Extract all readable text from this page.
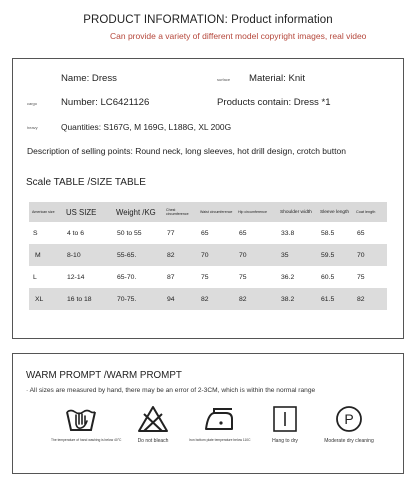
PRODUCT INFORMATION: Product information
Can provide a variety of different model copyright images, real video
Name: Dress	surface Material: Knit
cargo Number: LC6421126	Products contain: Dress *1
heavy	Quantities: S167G, M 169G, L188G, XL 200G
Description of selling points: Round neck, long sleeves, hot drill design, crotch button
Scale TABLE /SIZE TABLE
American size	US SIZE	Weight /KG	Chest circumference	Waist circumference	Hip circumference	Shoulder width	Sleeve length	Coat length
S	4 to 6	50 to 55	77	65	65	33.8	58.5	65
M	8-10	55-65.	82	70	70	35	59.5	70
L	12-14	65-70.	87	75	75	36.2	60.5	75
XL	16 to 18	70-75.	94	82	82	38.2	61.5	82
WARM PROMPT /WARM PROMPT
· All sizes are measured by hand, there may be an error of 2-3CM, which is within the normal range
The temperature of hand washing is below 40°C	Do not bleach	Iron bottom plate temperature below 110C	Hang to dry
P
Moderate dry cleaning
